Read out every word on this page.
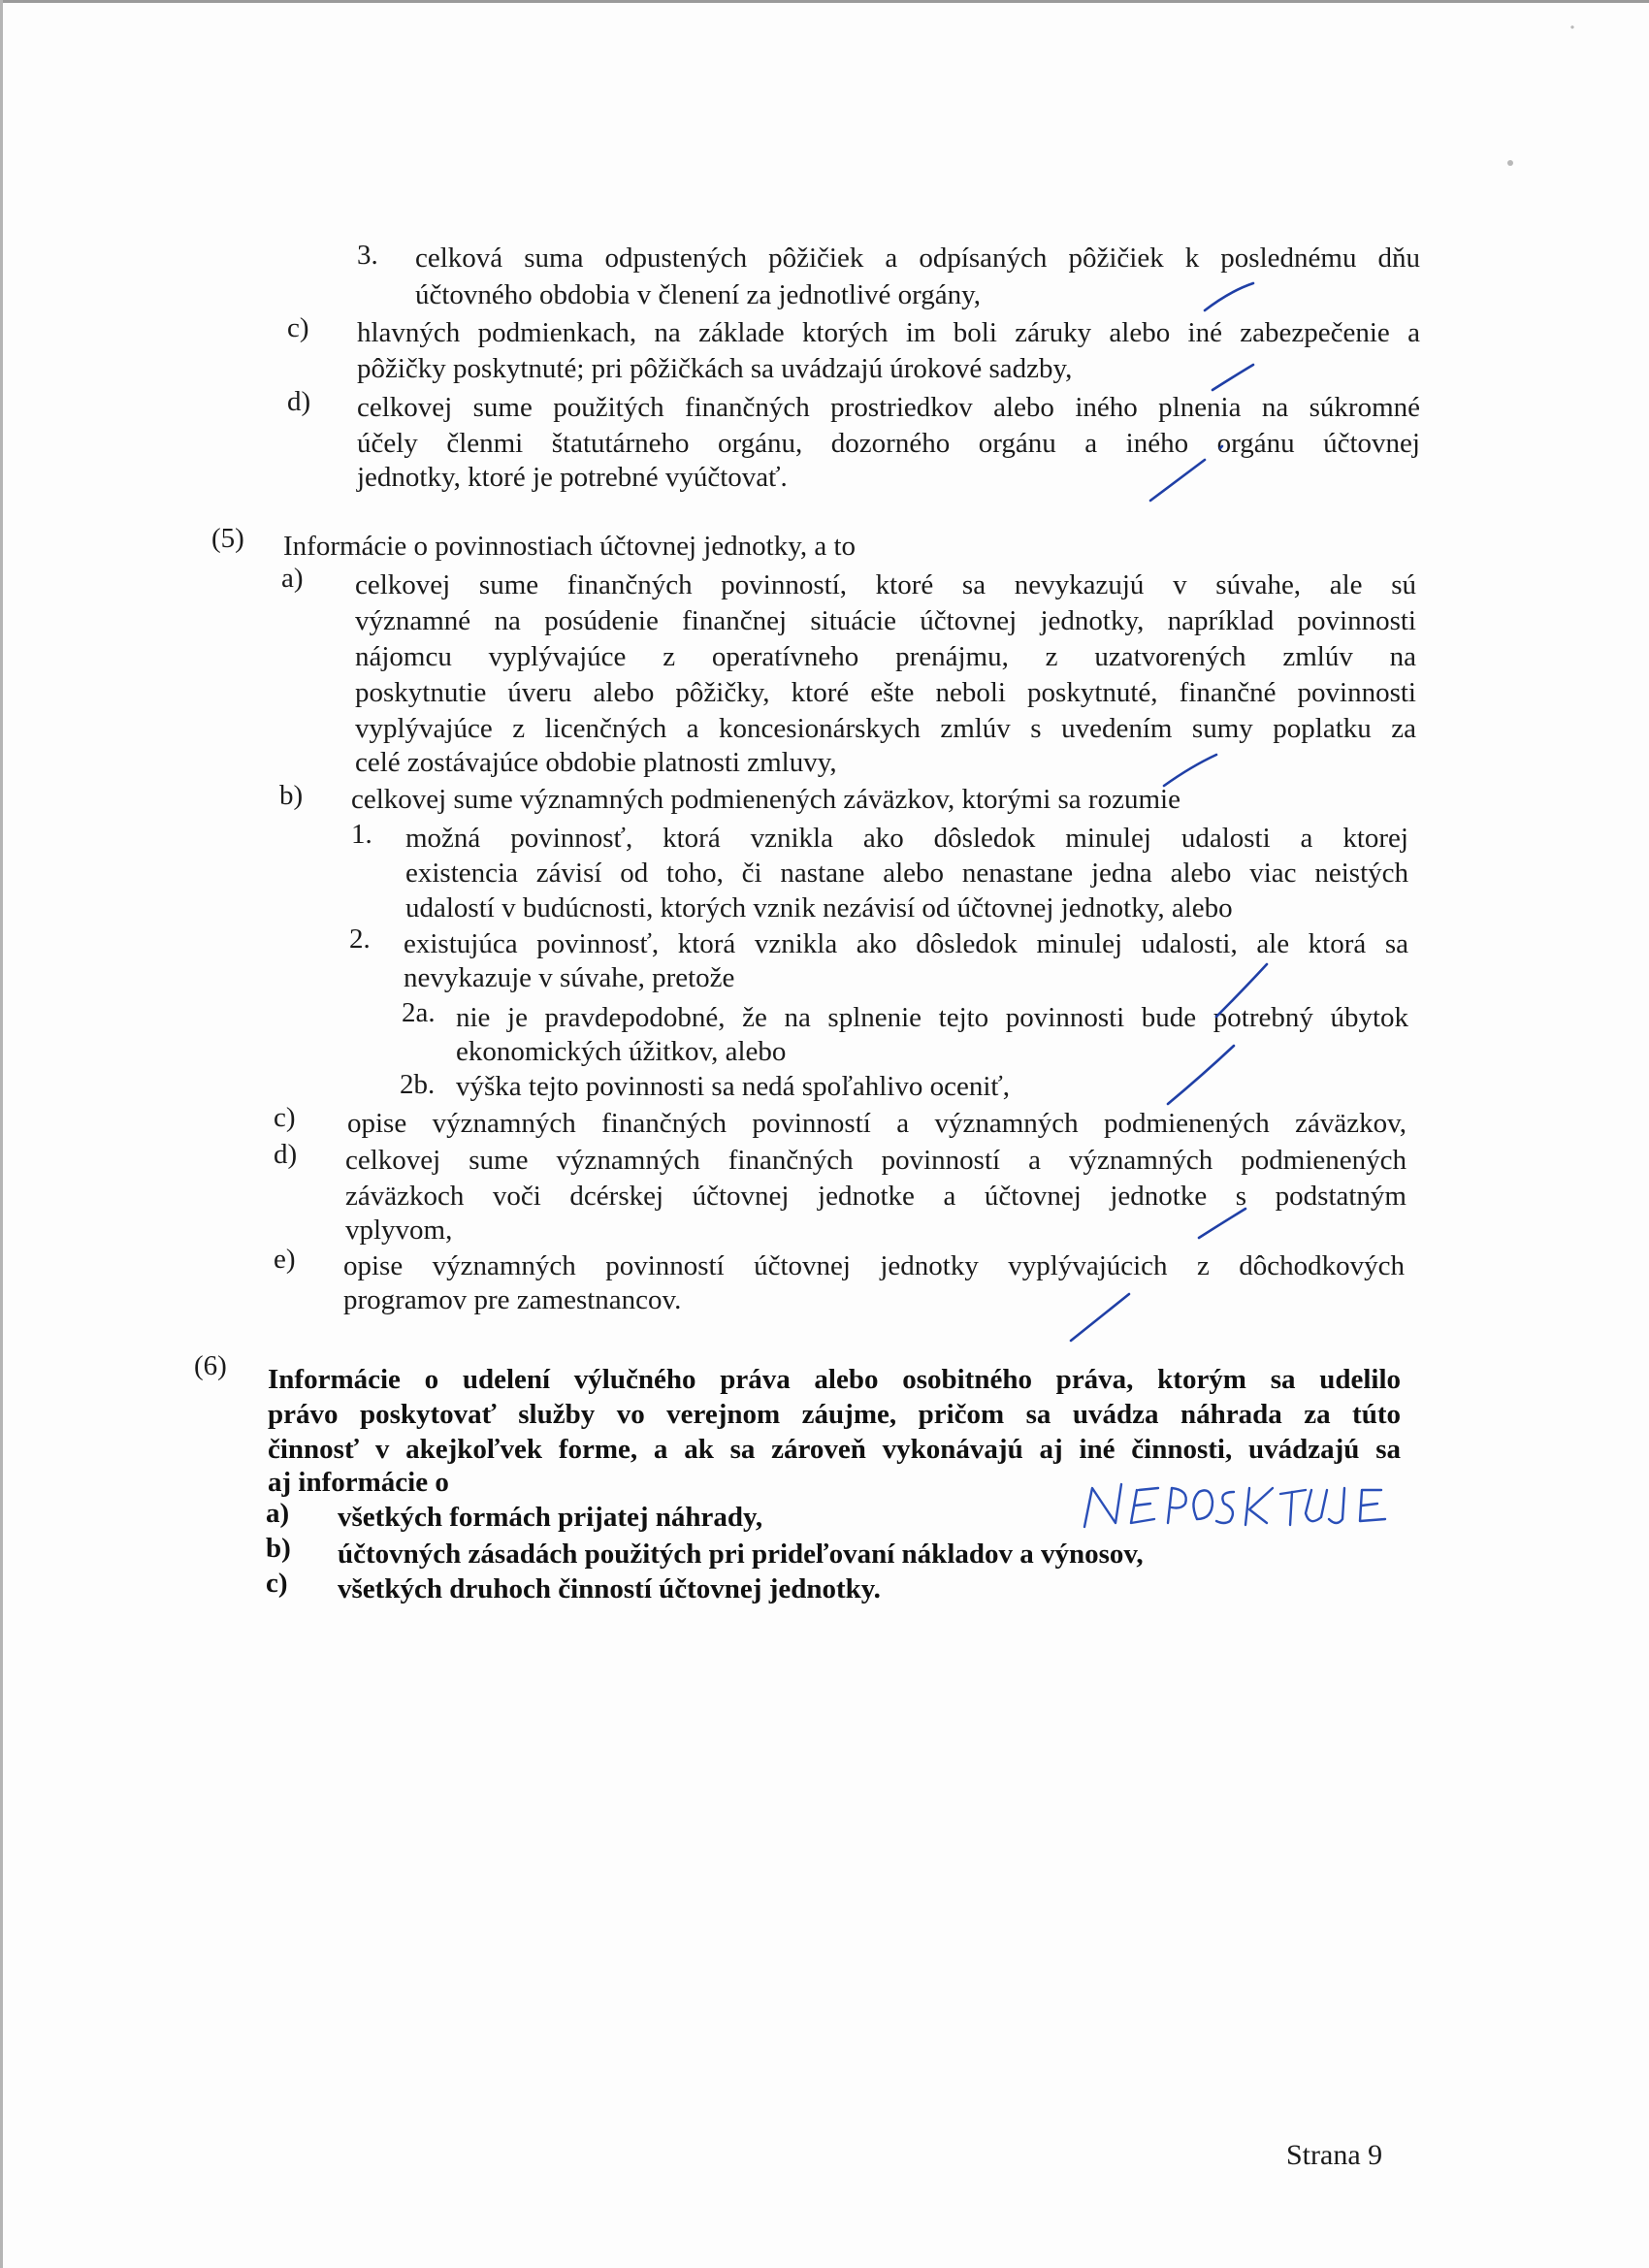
3. celková suma odpustených pôžičiek a odpísaných pôžičiek k poslednému dňu
účtovného obdobia v členení za jednotlivé orgány,
c) hlavných podmienkach, na základe ktorých im boli záruky alebo iné zabezpečenie a
pôžičky poskytnuté; pri pôžičkách sa uvádzajú úrokové sadzby,
d) celkovej sume použitých finančných prostriedkov alebo iného plnenia na súkromné
účely členmi štatutárneho orgánu, dozorného orgánu a iného orgánu účtovnej
jednotky, ktoré je potrebné vyúčtovať.
(5) Informácie o povinnostiach účtovnej jednotky, a to
a) celkovej sume finančných povinností, ktoré sa nevykazujú v súvahe, ale sú
významné na posúdenie finančnej situácie účtovnej jednotky, napríklad povinnosti
nájomcu vyplývajúce z operatívneho prenájmu, z uzatvorených zmlúv na
poskytnutie úveru alebo pôžičky, ktoré ešte neboli poskytnuté, finančné povinnosti
vyplývajúce z licenčných a koncesionárskych zmlúv s uvedením sumy poplatku za
celé zostávajúce obdobie platnosti zmluvy,
b) celkovej sume významných podmienených záväzkov, ktorými sa rozumie
1. možná povinnosť, ktorá vznikla ako dôsledok minulej udalosti a ktorej
existencia závisí od toho, či nastane alebo nenastane jedna alebo viac neistých
udalostí v budúcnosti, ktorých vznik nezávisí od účtovnej jednotky, alebo
2. existujúca povinnosť, ktorá vznikla ako dôsledok minulej udalosti, ale ktorá sa
nevykazuje v súvahe, pretože
2a. nie je pravdepodobné, že na splnenie tejto povinnosti bude potrebný úbytok
ekonomických úžitkov, alebo
2b. výška tejto povinnosti sa nedá spoľahlivo oceniť,
c) opise významných finančných povinností a významných podmienených záväzkov,
d) celkovej sume významných finančných povinností a významných podmienených
záväzkoch voči dcérskej účtovnej jednotke a účtovnej jednotke s podstatným
vplyvom,
e) opise významných povinností účtovnej jednotky vyplývajúcich z dôchodkových
programov pre zamestnancov.
(6) Informácie o udelení výlučného práva alebo osobitného práva, ktorým sa udelilo
právo poskytovať služby vo verejnom záujme, pričom sa uvádza náhrada za túto
činnosť v akejkoľvek forme, a ak sa zároveň vykonávajú aj iné činnosti, uvádzajú sa
aj informácie o
a) všetkých formách prijatej náhrady,
b) účtovných zásadách použitých pri prideľovaní nákladov a výnosov,
c) všetkých druhoch činností účtovnej jednotky.
Strana 9
